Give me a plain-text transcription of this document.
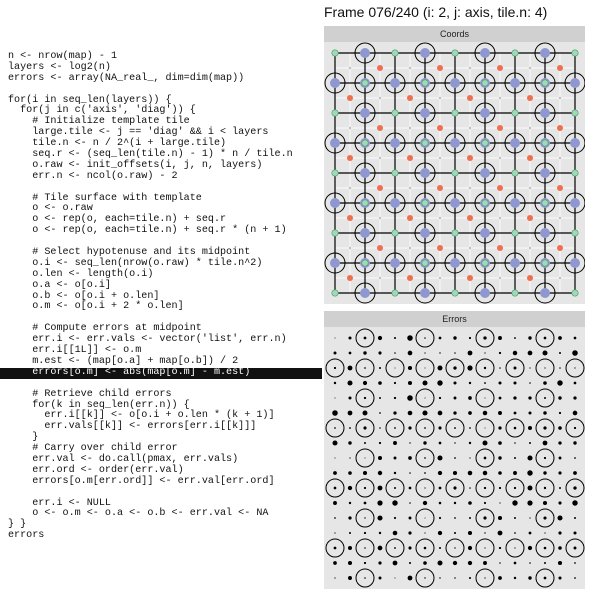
Frame 076/240 (i: 2, j: axis, tile.n: 4)
n <- nrow(map) - 1
layers <- log2(n)
errors <- array(NA_real_, dim=dim(map))

for(i in seq_len(layers)) {
for(j in c('axis', 'diag')) {
# Initialize template tile
large.tile <- j == 'diag' && i < layers
tile.n <- n / 2^(i + large.tile)
seq.r <- (seq_len(tile.n) - 1) * n / tile.n
o.raw <- init_offsets(i, j, n, layers)
err.n <- ncol(o.raw) - 2

# Tile surface with template
o <- o.raw
o <- rep(o, each=tile.n) + seq.r
o <- rep(o, each=tile.n) + seq.r * (n + 1)

# Select hypotenuse and its midpoint
o.i <- seq_len(nrow(o.raw) * tile.n^2)
o.len <- length(o.i)
o.a <- o[o.i]
o.b <- o[o.i + o.len]
o.m <- o[o.i + 2 * o.len]

# Compute errors at midpoint
err.i <- err.vals <- vector('list', err.n)
err.i[[1L]] <- o.m
m.est <- (map[o.a] + map[o.b]) / 2
errors[o.m] <- abs(map[o.m] - m.est)

# Retrieve child errors
for(k in seq_len(err.n)) {
err.i[[k]] <- o[o.i + o.len * (k + 1)]
err.vals[[k]] <- errors[err.i[[k]]]
}
# Carry over child error
err.val <- do.call(pmax, err.vals)
err.ord <- order(err.val)
errors[o.m[err.ord]] <- err.val[err.ord]

err.i <- NULL
o <- o.m <- o.a <- o.b <- err.val <- NA
} }
errors
Coords
Errors
